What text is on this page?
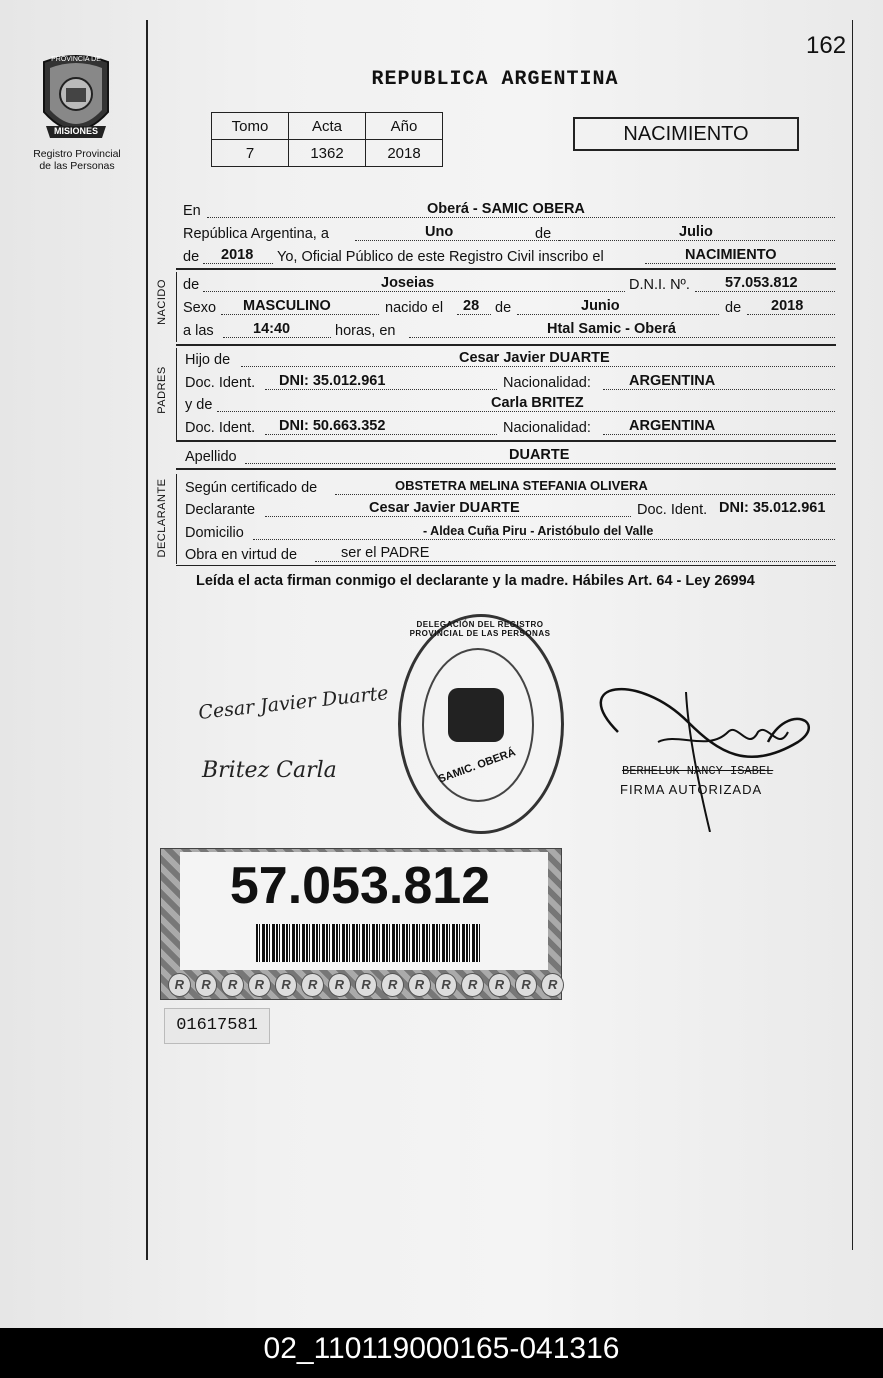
162
PROVINCIA DE
MISIONES
Registro Provincial
de las Personas
REPUBLICA ARGENTINA
Tomo	Acta	Año
7	1362	2018
NACIMIENTO
En	Oberá - SAMIC OBERA
República Argentina, a	Uno	de	Julio
de 2018 Yo, Oficial Público de este Registro Civil inscribo el	NACIMIENTO
NACIDO de	Joseias	D.N.I. Nº. 57.053.812
Sexo MASCULINO	nacido el 28 de	Junio	de 2018
a las	14:40	horas, en	Htal Samic - Oberá
PADRES
Hijo de	Cesar Javier DUARTE
Doc. Ident. DNI: 35.012.961	Nacionalidad:	ARGENTINA
y de	Carla BRITEZ
Doc. Ident. DNI: 50.663.352	Nacionalidad:	ARGENTINA
Apellido	DUARTE
DECLARANTE Según certificado de	OBSTETRA MELINA STEFANIA OLIVERA
Declarante	Cesar Javier DUARTE	Doc. Ident. DNI: 35.012.961
Domicilio	- Aldea Cuña Piru - Aristóbulo del Valle
Obra en virtud de	ser el PADRE
Leída el acta firman conmigo el declarante y la madre. Hábiles Art. 64 - Ley 26994
Cesar Javier Duarte
Britez Carla
DELEGACIÓN DEL REGISTRO PROVINCIAL DE LAS PERSONAS
SAMIC. OBERÁ	BERHELUK NANCY ISABEL
FIRMA AUTORIZADA
57.053.812
R	R	R	R	R	R	R	R	R	R	R	R	R	R	R
01617581
02_110119000165-041316
